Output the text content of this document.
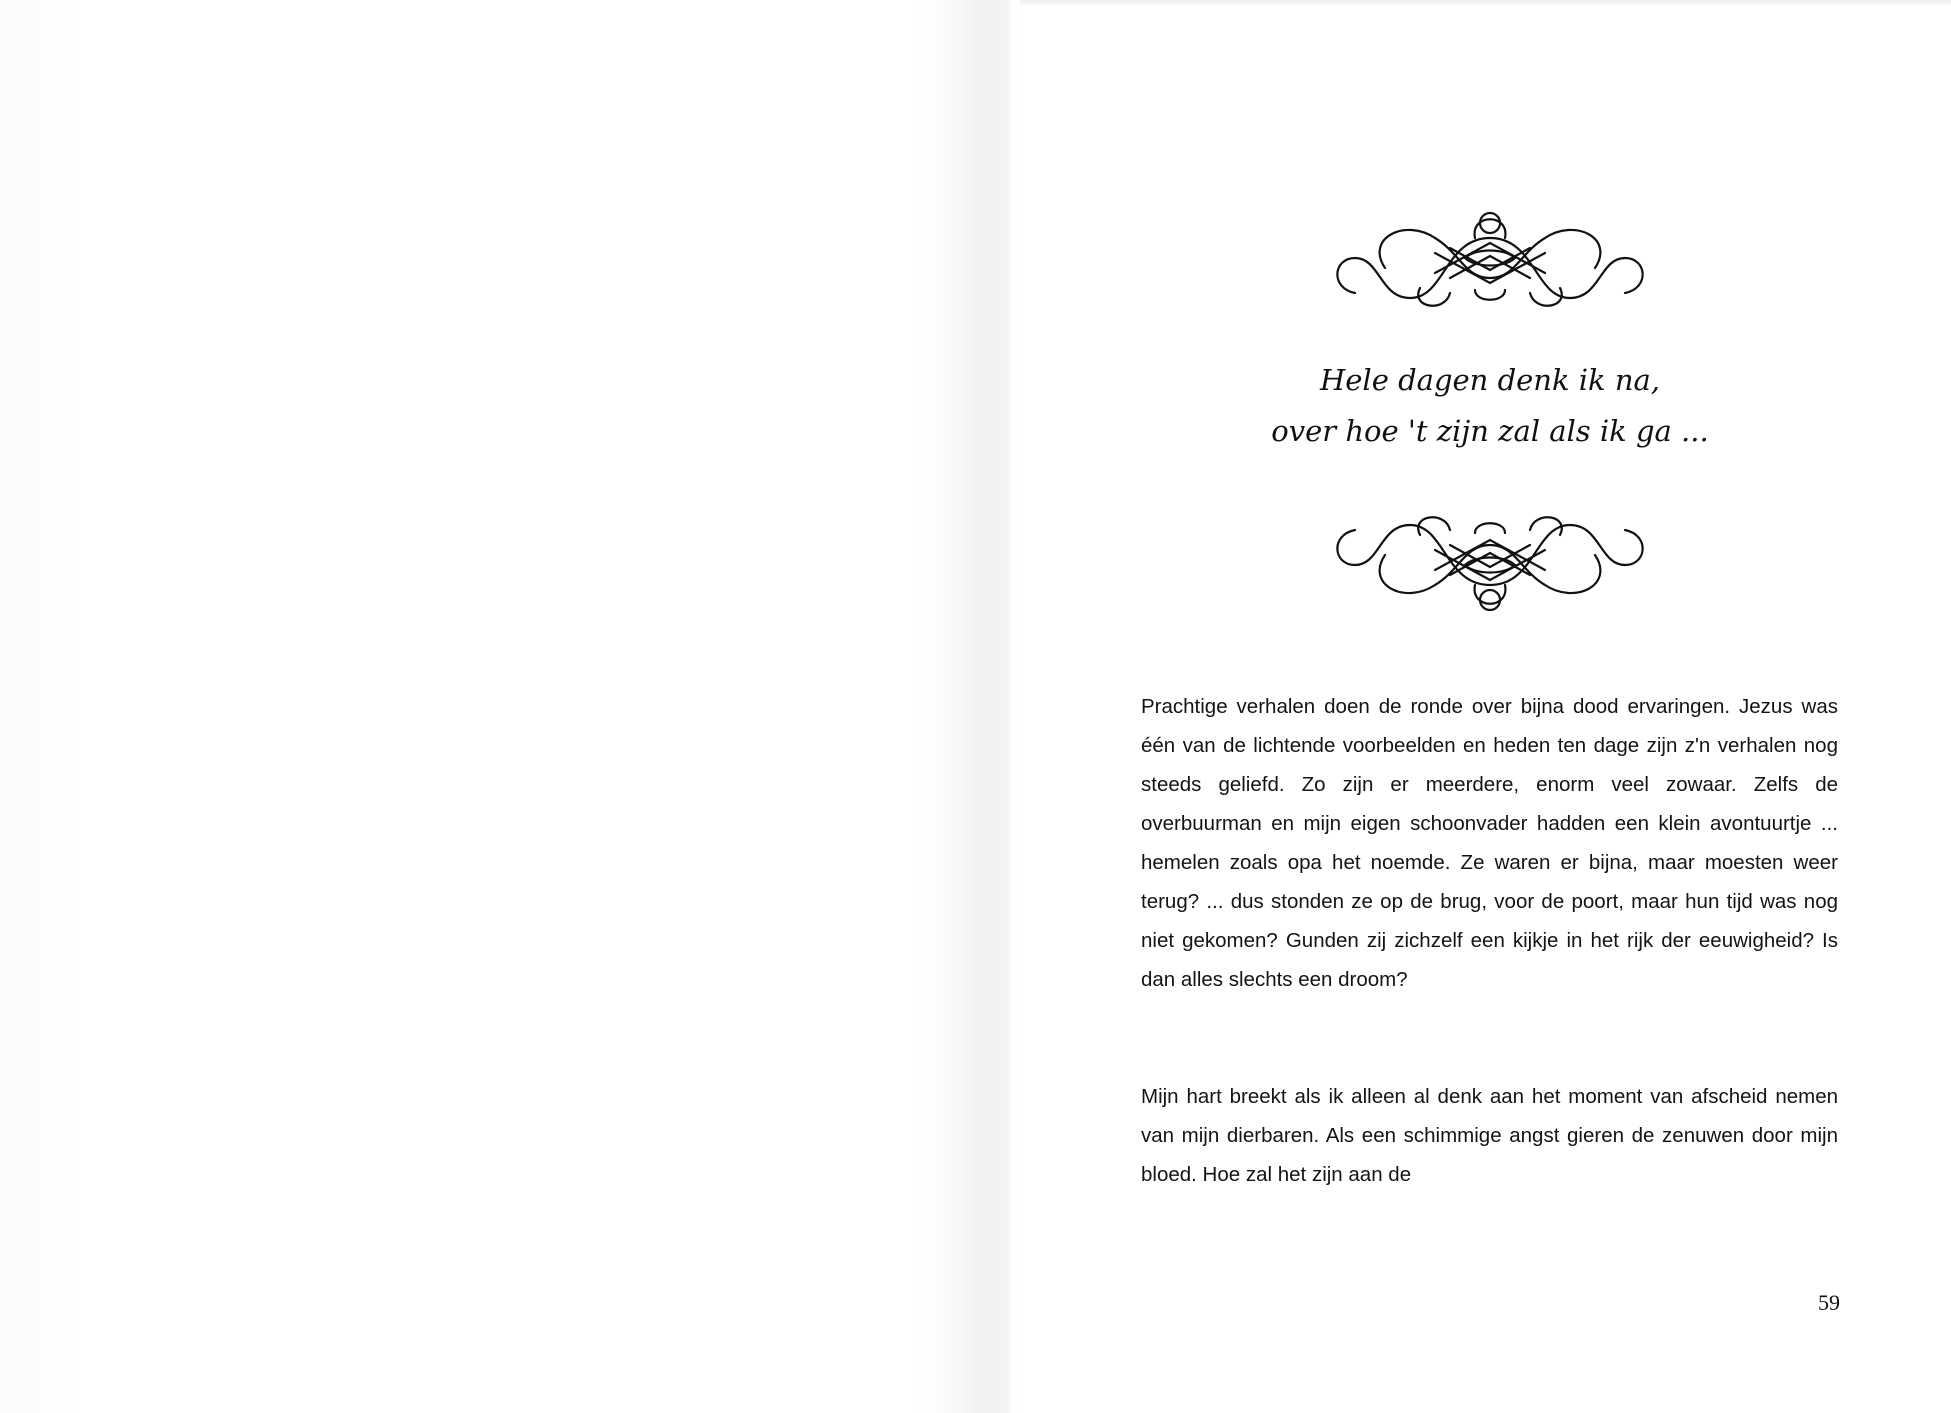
Hele dagen denk ik na,
over hoe 't zijn zal als ik ga ...
Prachtige verhalen doen de ronde over bijna dood ervaringen. Jezus was één van de lichtende voorbeelden en heden ten dage zijn z'n verhalen nog steeds geliefd. Zo zijn er meerdere, enorm veel zowaar. Zelfs de overbuurman en mijn eigen schoonvader hadden een klein avontuurtje ... hemelen zoals opa het noemde. Ze waren er bijna, maar moesten weer terug? ... dus stonden ze op de brug, voor de poort, maar hun tijd was nog niet gekomen? Gunden zij zichzelf een kijkje in het rijk der eeuwigheid? Is dan alles slechts een droom?
Mijn hart breekt als ik alleen al denk aan het moment van afscheid nemen van mijn dierbaren. Als een schimmige angst gieren de zenuwen door mijn bloed. Hoe zal het zijn aan de
59
